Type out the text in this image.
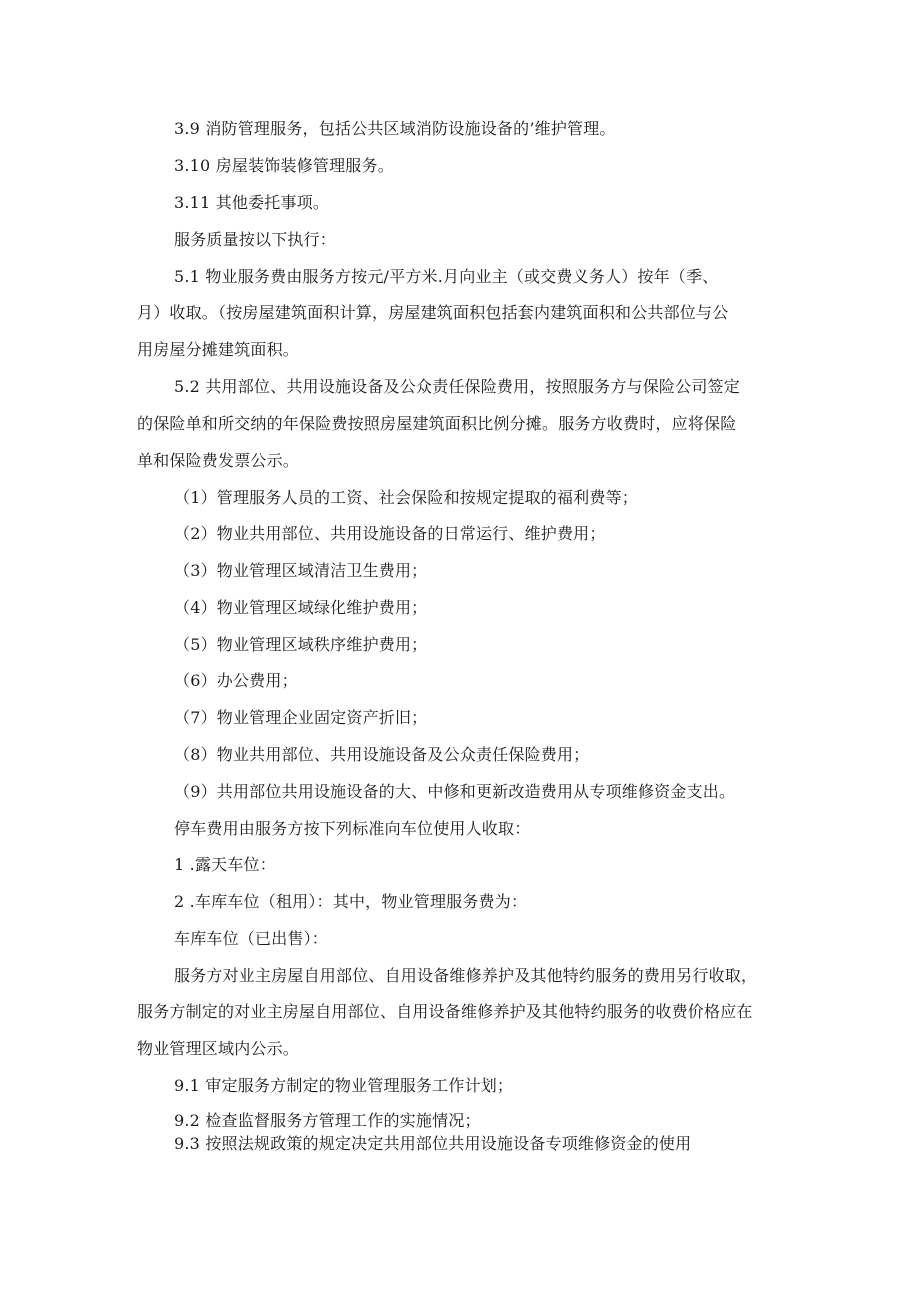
3.9 消防管理服务，包括公共区域消防设施设备的’维护管理。

3.10 房屋装饰装修管理服务。

3.11 其他委托事项。

服务质量按以下执行：

5.1 物业服务费由服务方按元/平方米.月向业主（或交费义务人）按年（季、

月）收取。（按房屋建筑面积计算，房屋建筑面积包括套内建筑面积和公共部位与公

用房屋分摊建筑面积。

5.2 共用部位、共用设施设备及公众责任保险费用，按照服务方与保险公司签定

的保险单和所交纳的年保险费按照房屋建筑面积比例分摊。服务方收费时，应将保险

单和保险费发票公示。

（1）管理服务人员的工资、社会保险和按规定提取的福利费等；

（2）物业共用部位、共用设施设备的日常运行、维护费用；

（3）物业管理区域清洁卫生费用；

（4）物业管理区域绿化维护费用；

（5）物业管理区域秩序维护费用；

（6）办公费用；

（7）物业管理企业固定资产折旧；

（8）物业共用部位、共用设施设备及公众责任保险费用；

（9）共用部位共用设施设备的大、中修和更新改造费用从专项维修资金支出。

停车费用由服务方按下列标准向车位使用人收取：

1 .露天车位：

2 .车库车位（租用）：其中，物业管理服务费为：

车库车位（已出售）：

服务方对业主房屋自用部位、自用设备维修养护及其他特约服务的费用另行收取，

服务方制定的对业主房屋自用部位、自用设备维修养护及其他特约服务的收费价格应在

物业管理区域内公示。

9.1 审定服务方制定的物业管理服务工作计划；

9.2 检查监督服务方管理工作的实施情况；

9.3 按照法规政策的规定决定共用部位共用设施设备专项维修资金的使用
